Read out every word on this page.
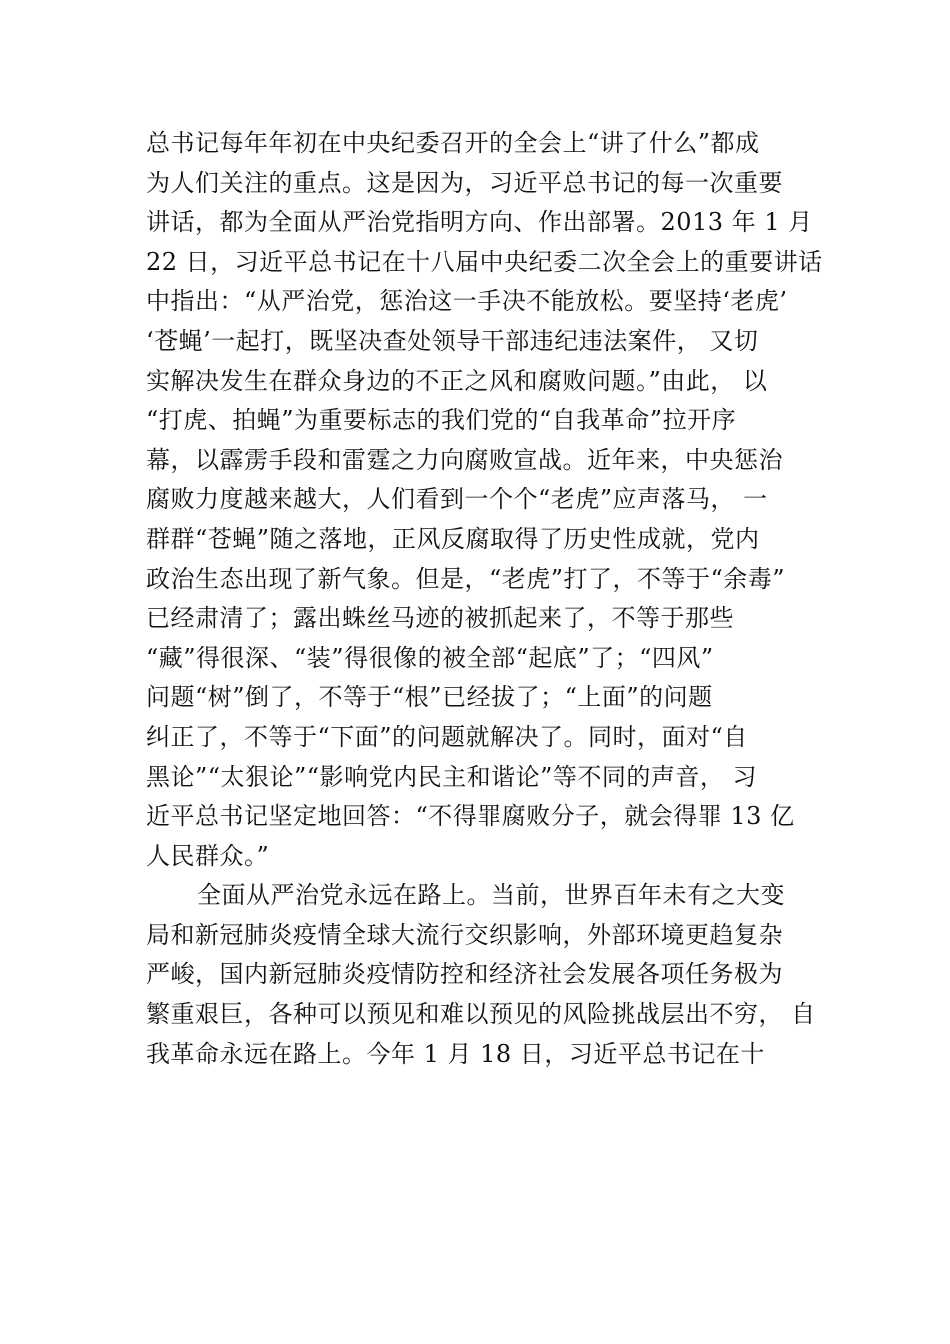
总书记每年年初在中央纪委召开的全会上“讲了什么”都成
为人们关注的重点。这是因为，习近平总书记的每一次重要
讲话，都为全面从严治党指明方向、作出部署。2013 年 1 月
22 日，习近平总书记在十八届中央纪委二次全会上的重要讲话
中指出：“从严治党，惩治这一手决不能放松。要坚持‘老虎’
‘苍蝇’一起打，既坚决查处领导干部违纪违法案件， 又切
实解决发生在群众身边的不正之风和腐败问题。”由此， 以
“打虎、拍蝇”为重要标志的我们党的“自我革命”拉开序
幕，以霹雳手段和雷霆之力向腐败宣战。近年来，中央惩治
腐败力度越来越大，人们看到一个个“老虎”应声落马， 一
群群“苍蝇”随之落地，正风反腐取得了历史性成就，党内
政治生态出现了新气象。但是，“老虎”打了，不等于“余毒”
已经肃清了；露出蛛丝马迹的被抓起来了，不等于那些
“藏”得很深、“装”得很像的被全部“起底”了；“四风”
问题“树”倒了，不等于“根”已经拔了；“上面”的问题
纠正了，不等于“下面”的问题就解决了。同时，面对“自
黑论”“太狠论”“影响党内民主和谐论”等不同的声音， 习
近平总书记坚定地回答：“不得罪腐败分子，就会得罪 13 亿
人民群众。”
全面从严治党永远在路上。当前，世界百年未有之大变
局和新冠肺炎疫情全球大流行交织影响，外部环境更趋复杂
严峻，国内新冠肺炎疫情防控和经济社会发展各项任务极为
繁重艰巨，各种可以预见和难以预见的风险挑战层出不穷， 自
我革命永远在路上。今年 1 月 18 日，习近平总书记在十
